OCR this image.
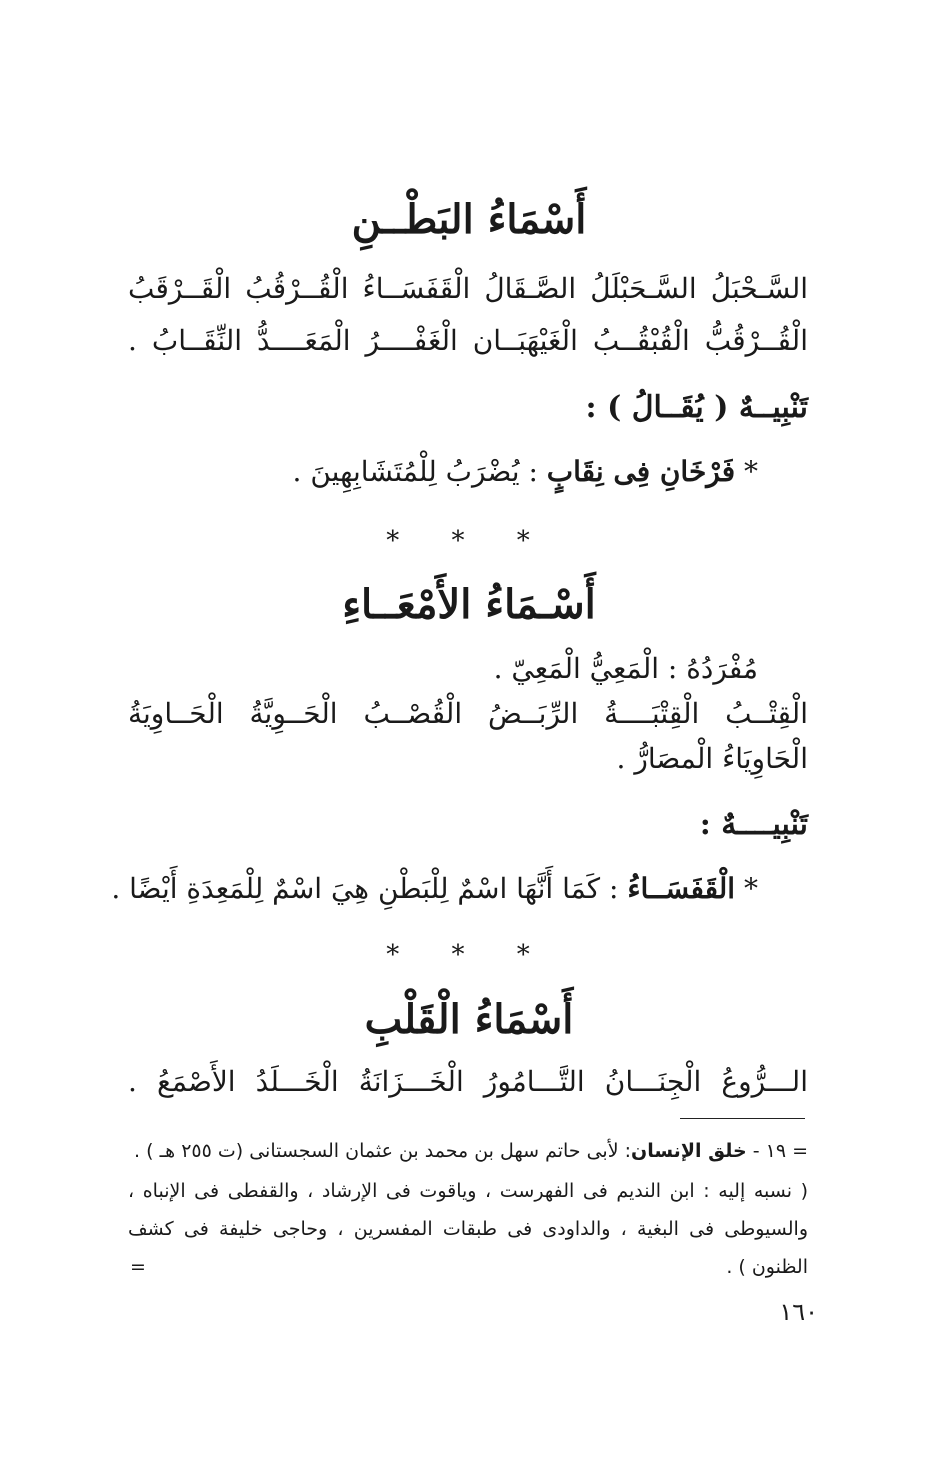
أَسْمَاءُ البَطْــنِ
السَّـحْبَلُ السَّـحَبْلَلُ الصَّـقَالُ الْقَفَسَــاءُ الْقُــرْقُبُ الْقَــرْقَبُ
الْقُــرْقُبُّ الْقُبْقُــبُ الْغَيْهَبَــان الْغَفْــــرُ الْمَعَــــدُّ النِّقَــابُ .
تَنْبِيــهٌ ( يُقَــالُ ) :
* فَرْخَانِ فِى نِقَابٍ : يُضْرَبُ لِلْمُتَشَابِهِينَ .
* * *
أَسْـمَاءُ الأَمْعَــاءِ
مُفْرَدُهُ : الْمَعِيُّ الْمَعِيّ .
الْقِتْــبُ الْقِتْبَــــةُ الرِّبَــضُ الْقُصْــبُ الْحَــوِيَّةُ الْحَــاوِيَةُ
الْحَاوِيَاءُ الْمصَارُّ .
تَنْبِيــــهٌ :
* الْقَفَسَــاءُ : كَمَا أَنَّهَا اسْمٌ لِلْبَطْنِ هِيَ اسْمٌ لِلْمَعِدَةِ أَيْضًا .
* * *
أَسْمَاءُ الْقَلْبِ
الـــرُّوعُ الْجِنَـــانُ التَّـــامُورُ الْخَـــزَانَةُ الْخَـــلَدُ الأَصْمَعُ .
= ١٩ - خلق الإنسان: لأبى حاتم سهل بن محمد بن عثمان السجستانى (ت ٢٥٥ هـ ) .
( نسبه إليه : ابن النديم فى الفهرست ، وياقوت فى الإرشاد ، والقفطى فى الإنباه ،
والسيوطى فى البغية ، والداودى فى طبقات المفسرين ، وحاجى خليفة فى كشف
الظنون ) .
=
١٦٠
